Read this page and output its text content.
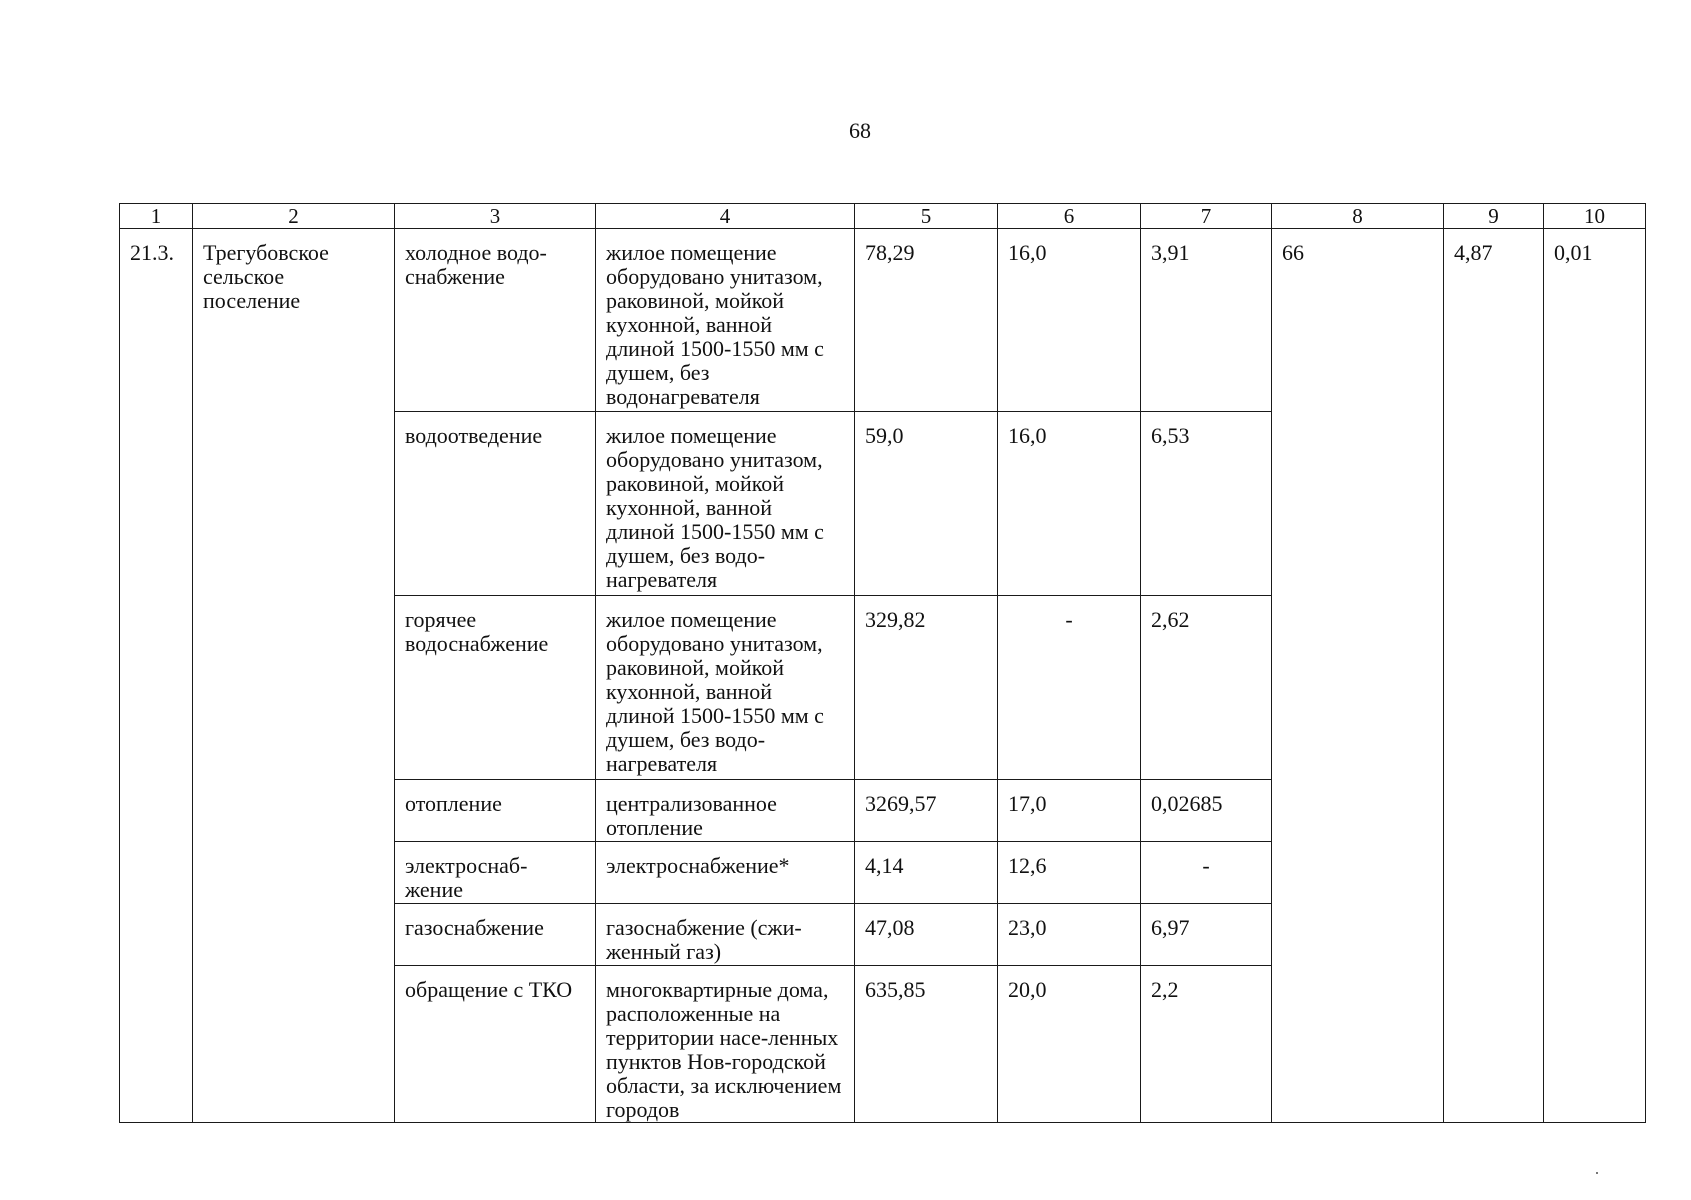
68
1	2	3	4	5	6	7	8	9	10
21.3.	Трегубовское сельское поселение	холодное водо-снабжение	жилое помещение оборудовано унитазом, раковиной, мойкой кухонной, ванной длиной 1500-1550 мм с душем, без водонагревателя	78,29	16,0	3,91	66	4,87	0,01
		водоотведение	жилое помещение оборудовано унитазом, раковиной, мойкой кухонной, ванной длиной 1500-1550 мм с душем, без водо-нагревателя	59,0	16,0	6,53			
		горячее водоснабжение	жилое помещение оборудовано унитазом, раковиной, мойкой кухонной, ванной длиной 1500-1550 мм с душем, без водо-нагревателя	329,82	-	2,62			
		отопление	централизованное отопление	3269,57	17,0	0,02685			
		электроснаб-жение	электроснабжение*	4,14	12,6	-			
		газоснабжение	газоснабжение (сжи-женный газ)	47,08	23,0	6,97			
		обращение с ТКО	многоквартирные дома, расположенные на территории насе-ленных пунктов Нов-городской области, за исключением городов	635,85	20,0	2,2			
